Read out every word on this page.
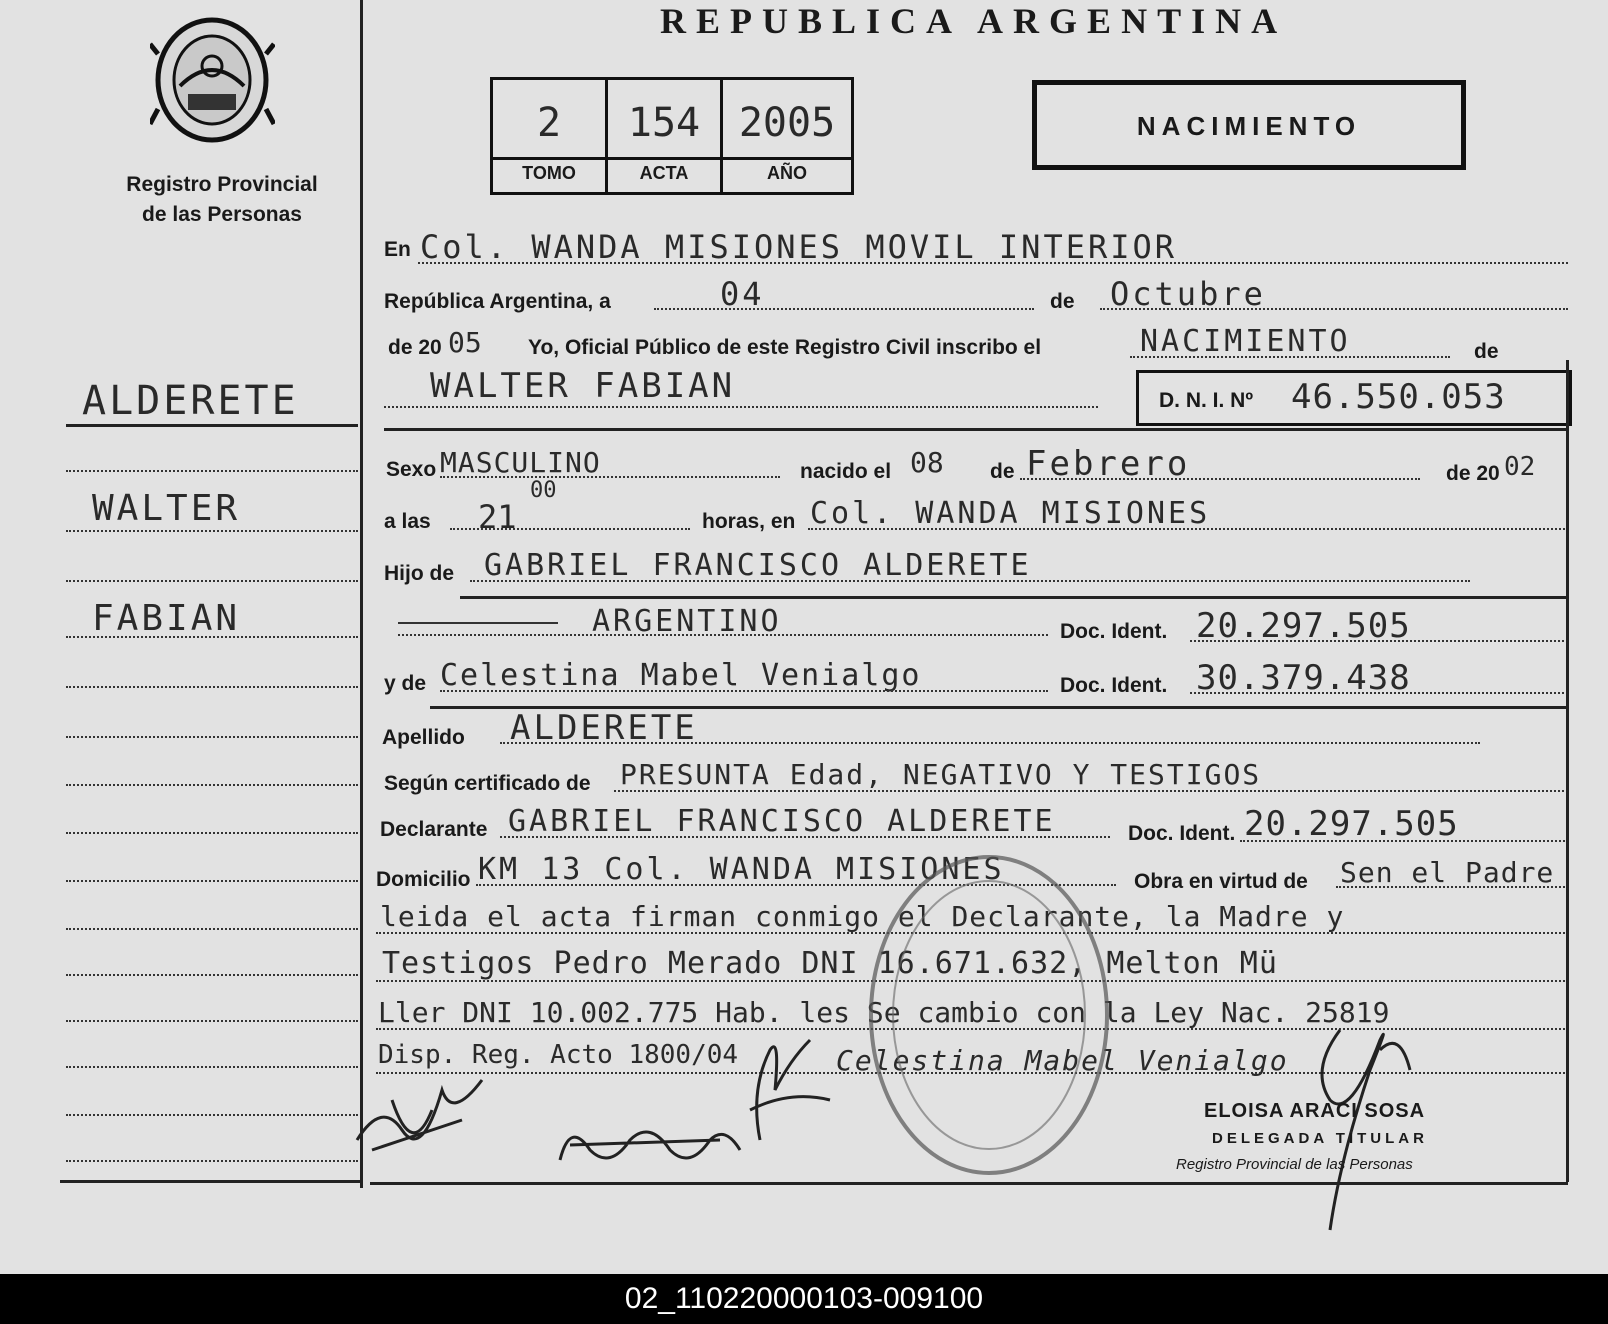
Registro Provincial
de las Personas
REPUBLICA ARGENTINA
2	154 2005
TOMO	ACTA	AÑO
NACIMIENTO
ALDERETE
WALTER
FABIAN
En Col. WANDA MISIONES MOVIL INTERIOR
República Argentina, a	04	de Octubre
de 20 05 Yo, Oficial Público de este Registro Civil inscribo el	NACIMIENTO	de
WALTER FABIAN	D. N. I. Nº 46.550.053
Sexo MASCULINO	nacido el 08 de Febrero	de 20 02
a las 21
00
horas, en Col. WANDA MISIONES
Hijo de GABRIEL FRANCISCO ALDERETE
ARGENTINO	Doc. Ident. 20.297.505
y de Celestina Mabel Venialgo	Doc. Ident. 30.379.438
Apellido ALDERETE
Según certificado de PRESUNTA Edad, NEGATIVO Y TESTIGOS
Declarante GABRIEL FRANCISCO ALDERETE	Doc. Ident. 20.297.505
Domicilio KM 13 Col. WANDA MISIONES	Obra en virtud de Sen el Padre
leida el acta firman conmigo el Declarante, la Madre y
Testigos Pedro Merado DNI 16.671.632, Melton Mü
Ller DNI 10.002.775 Hab. les Se cambio con la Ley Nac. 25819
Disp. Reg. Acto 1800/04	Celestina Mabel Venialgo
ELOISA ARACI SOSA
DELEGADA TITULAR
Registro Provincial de las Personas
02_110220000103-009100
